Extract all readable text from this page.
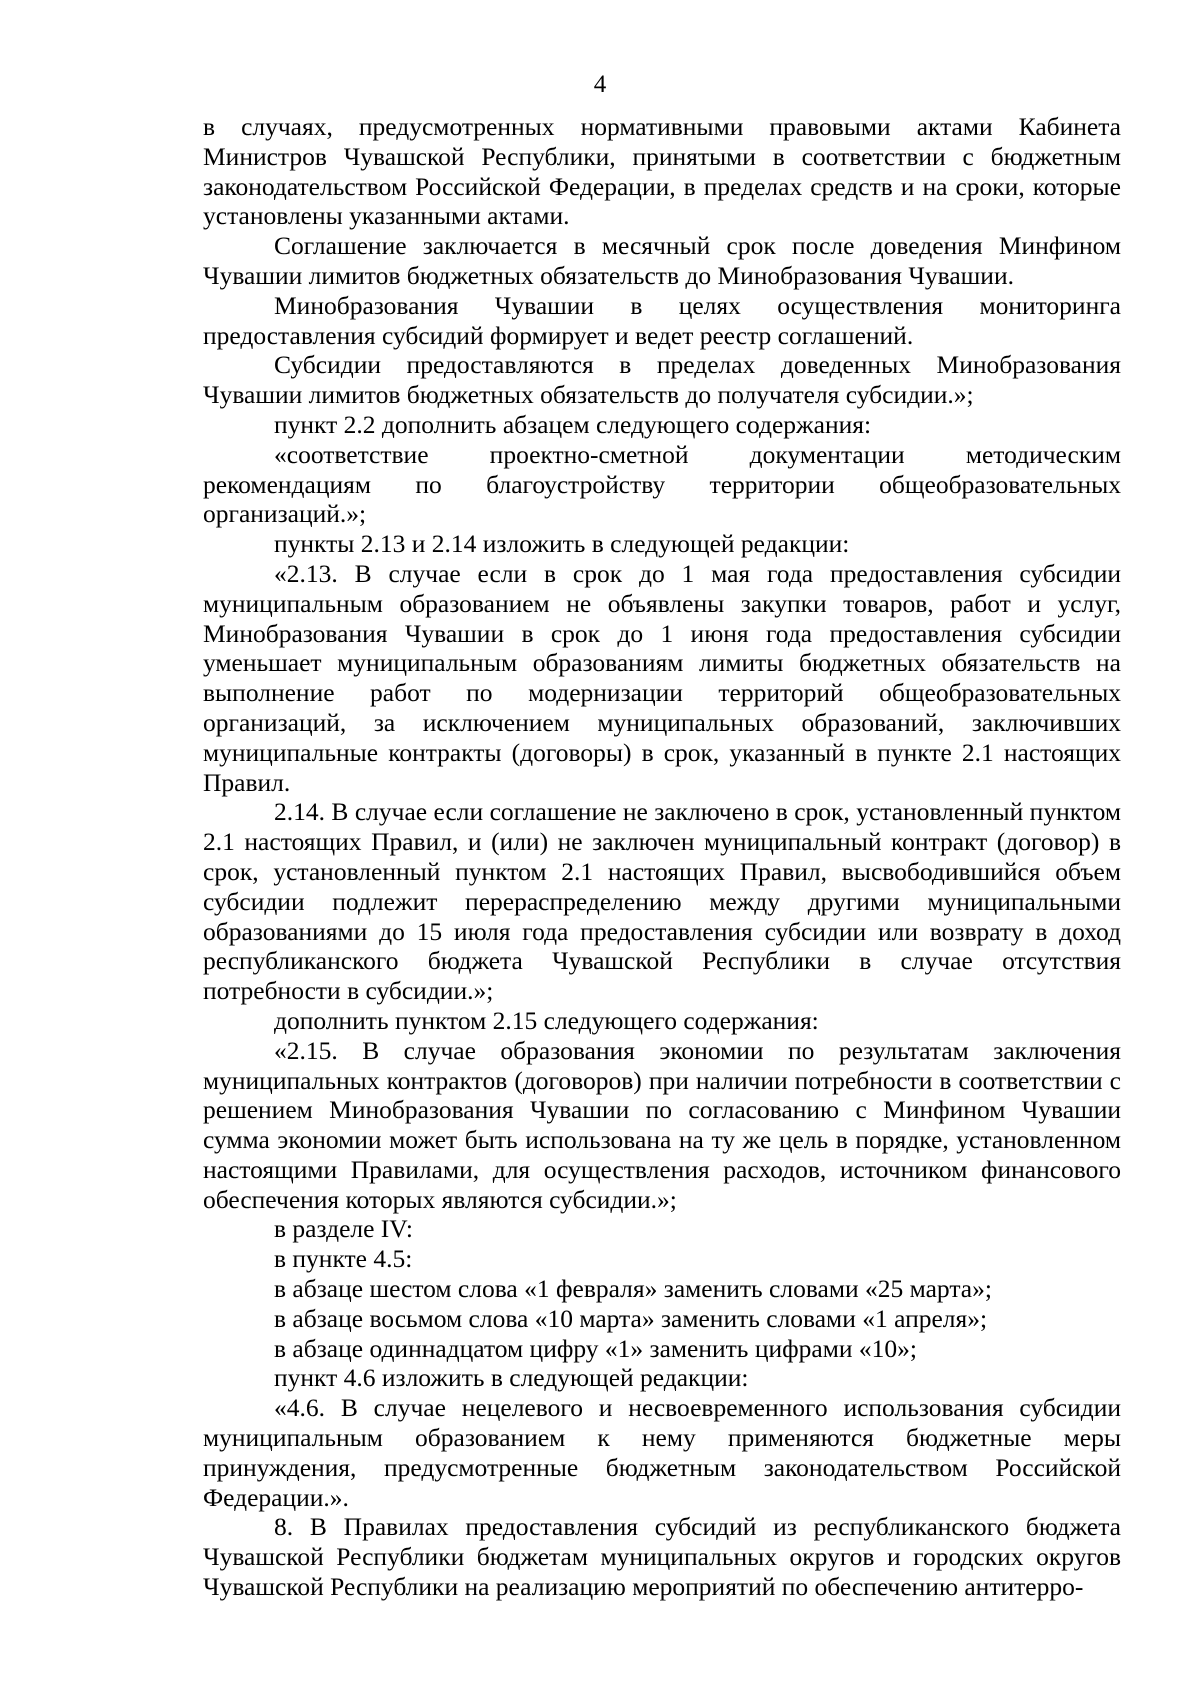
4

в случаях, предусмотренных нормативными правовыми актами Кабинета Министров Чувашской Республики, принятыми в соответствии с бюджетным законодательством Российской Федерации, в пределах средств и на сроки, которые установлены указанными актами.

Соглашение заключается в месячный срок после доведения Минфином Чувашии лимитов бюджетных обязательств до Минобразования Чувашии.

Минобразования Чувашии в целях осуществления мониторинга предоставления субсидий формирует и ведет реестр соглашений.

Субсидии предоставляются в пределах доведенных Минобразования Чувашии лимитов бюджетных обязательств до получателя субсидии.»;

пункт 2.2 дополнить абзацем следующего содержания:

«соответствие проектно-сметной документации методическим рекомендациям по благоустройству территории общеобразовательных организаций.»;

пункты 2.13 и 2.14 изложить в следующей редакции:

«2.13. В случае если в срок до 1 мая года предоставления субсидии муниципальным образованием не объявлены закупки товаров, работ и услуг, Минобразования Чувашии в срок до 1 июня года предоставления субсидии уменьшает муниципальным образованиям лимиты бюджетных обязательств на выполнение работ по модернизации территорий общеобразовательных организаций, за исключением муниципальных образований, заключивших муниципальные контракты (договоры) в срок, указанный в пункте 2.1 настоящих Правил.

2.14. В случае если соглашение не заключено в срок, установленный пунктом 2.1 настоящих Правил, и (или) не заключен муниципальный контракт (договор) в срок, установленный пунктом 2.1 настоящих Правил, высвободившийся объем субсидии подлежит перераспределению между другими муниципальными образованиями до 15 июля года предоставления субсидии или возврату в доход республиканского бюджета Чувашской Республики в случае отсутствия потребности в субсидии.»;

дополнить пунктом 2.15 следующего содержания:

«2.15. В случае образования экономии по результатам заключения муниципальных контрактов (договоров) при наличии потребности в соответствии с решением Минобразования Чувашии по согласованию с Минфином Чувашии сумма экономии может быть использована на ту же цель в порядке, установленном настоящими Правилами, для осуществления расходов, источником финансового обеспечения которых являются субсидии.»;

в разделе IV:

в пункте 4.5:

в абзаце шестом слова «1 февраля» заменить словами «25 марта»;

в абзаце восьмом слова «10 марта» заменить словами «1 апреля»;

в абзаце одиннадцатом цифру «1» заменить цифрами «10»;

пункт 4.6 изложить в следующей редакции:

«4.6. В случае нецелевого и несвоевременного использования субсидии муниципальным образованием к нему применяются бюджетные меры принуждения, предусмотренные бюджетным законодательством Российской Федерации.».

8. В Правилах предоставления субсидий из республиканского бюджета Чувашской Республики бюджетам муниципальных округов и городских округов Чувашской Республики на реализацию мероприятий по обеспечению антитерро-
